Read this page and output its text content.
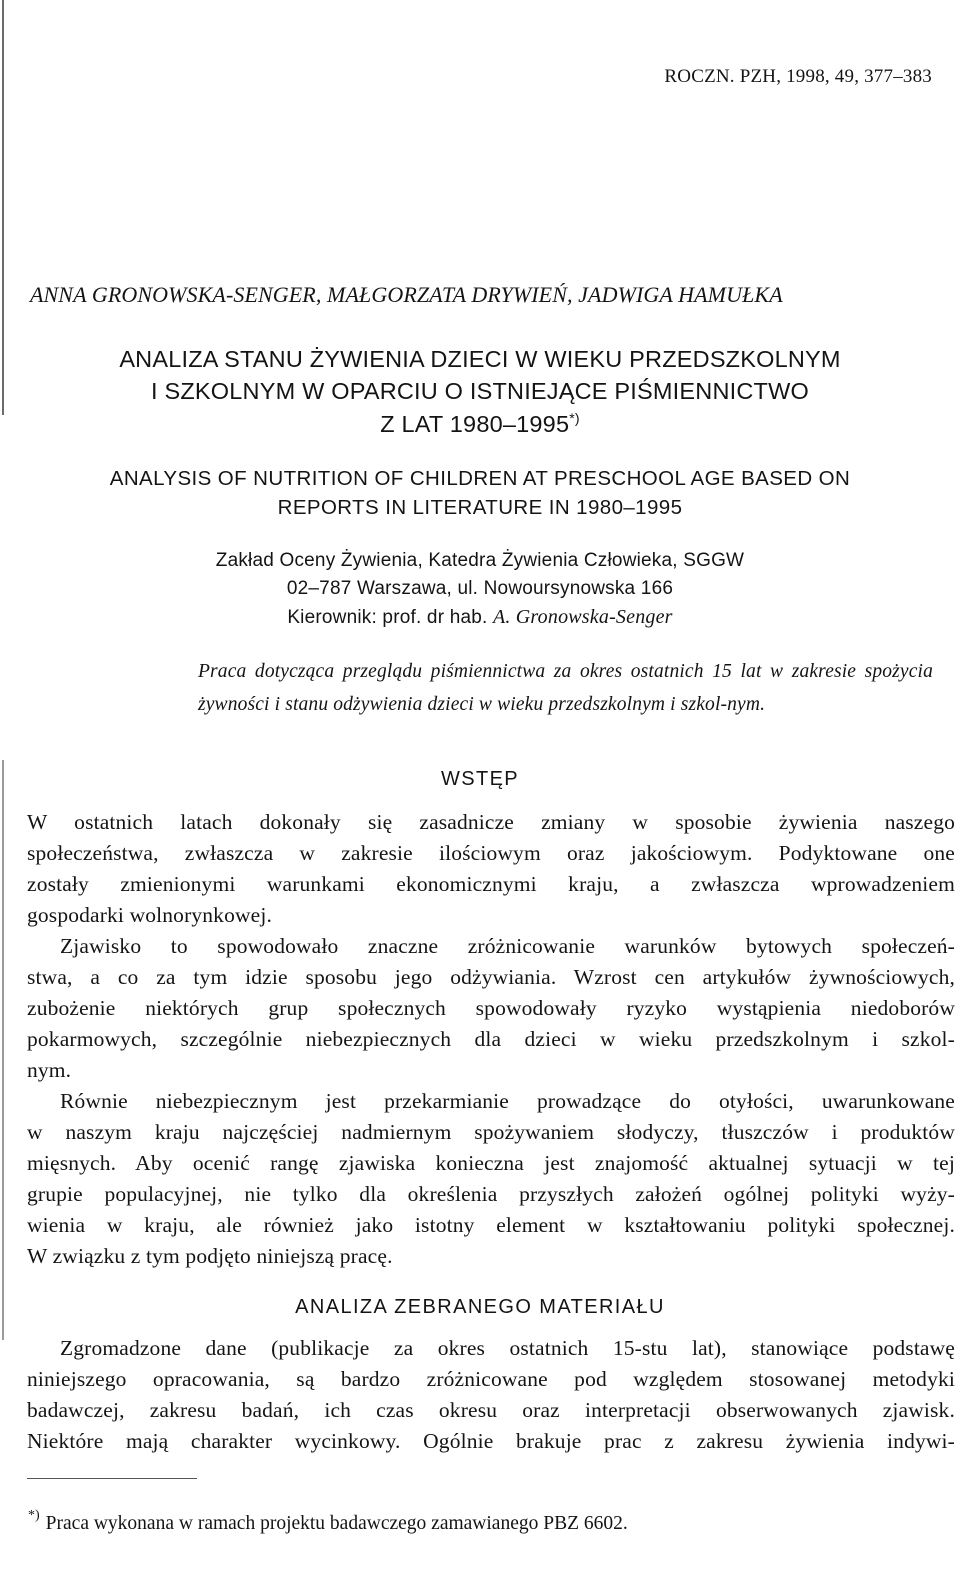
ROCZN. PZH, 1998, 49, 377–383
ANNA GRONOWSKA-SENGER, MAŁGORZATA DRYWIEŃ, JADWIGA HAMUŁKA
ANALIZA STANU ŻYWIENIA DZIECI W WIEKU PRZEDSZKOLNYM
I SZKOLNYM W OPARCIU O ISTNIEJĄCE PIŚMIENNICTWO
Z LAT 1980–1995*)
ANALYSIS OF NUTRITION OF CHILDREN AT PRESCHOOL AGE BASED ON
REPORTS IN LITERATURE IN 1980–1995
Zakład Oceny Żywienia, Katedra Żywienia Człowieka, SGGW
02–787 Warszawa, ul. Nowoursynowska 166
Kierownik: prof. dr hab. A. Gronowska-Senger
Praca dotycząca przeglądu piśmiennictwa za okres ostatnich 15 lat w zakresie spożycia żywności i stanu odżywienia dzieci w wieku przedszkolnym i szkol-nym.
WSTĘP
W ostatnich latach dokonały się zasadnicze zmiany w sposobie żywienia naszego
społeczeństwa, zwłaszcza w zakresie ilościowym oraz jakościowym. Podyktowane one
zostały zmienionymi warunkami ekonomicznymi kraju, a zwłaszcza wprowadzeniem
gospodarki wolnorynkowej.
Zjawisko to spowodowało znaczne zróżnicowanie warunków bytowych społeczeń-
stwa, a co za tym idzie sposobu jego odżywiania. Wzrost cen artykułów żywnościowych,
zubożenie niektórych grup społecznych spowodowały ryzyko wystąpienia niedoborów
pokarmowych, szczególnie niebezpiecznych dla dzieci w wieku przedszkolnym i szkol-
nym.
Równie niebezpiecznym jest przekarmianie prowadzące do otyłości, uwarunkowane
w naszym kraju najczęściej nadmiernym spożywaniem słodyczy, tłuszczów i produktów
mięsnych. Aby ocenić rangę zjawiska konieczna jest znajomość aktualnej sytuacji w tej
grupie populacyjnej, nie tylko dla określenia przyszłych założeń ogólnej polityki wyży-
wienia w kraju, ale również jako istotny element w kształtowaniu polityki społecznej.
W związku z tym podjęto niniejszą pracę.
ANALIZA ZEBRANEGO MATERIAŁU
Zgromadzone dane (publikacje za okres ostatnich 15-stu lat), stanowiące podstawę
niniejszego opracowania, są bardzo zróżnicowane pod względem stosowanej metodyki
badawczej, zakresu badań, ich czas okresu oraz interpretacji obserwowanych zjawisk.
Niektóre mają charakter wycinkowy. Ogólnie brakuje prac z zakresu żywienia indywi-
*) Praca wykonana w ramach projektu badawczego zamawianego PBZ 6602.
